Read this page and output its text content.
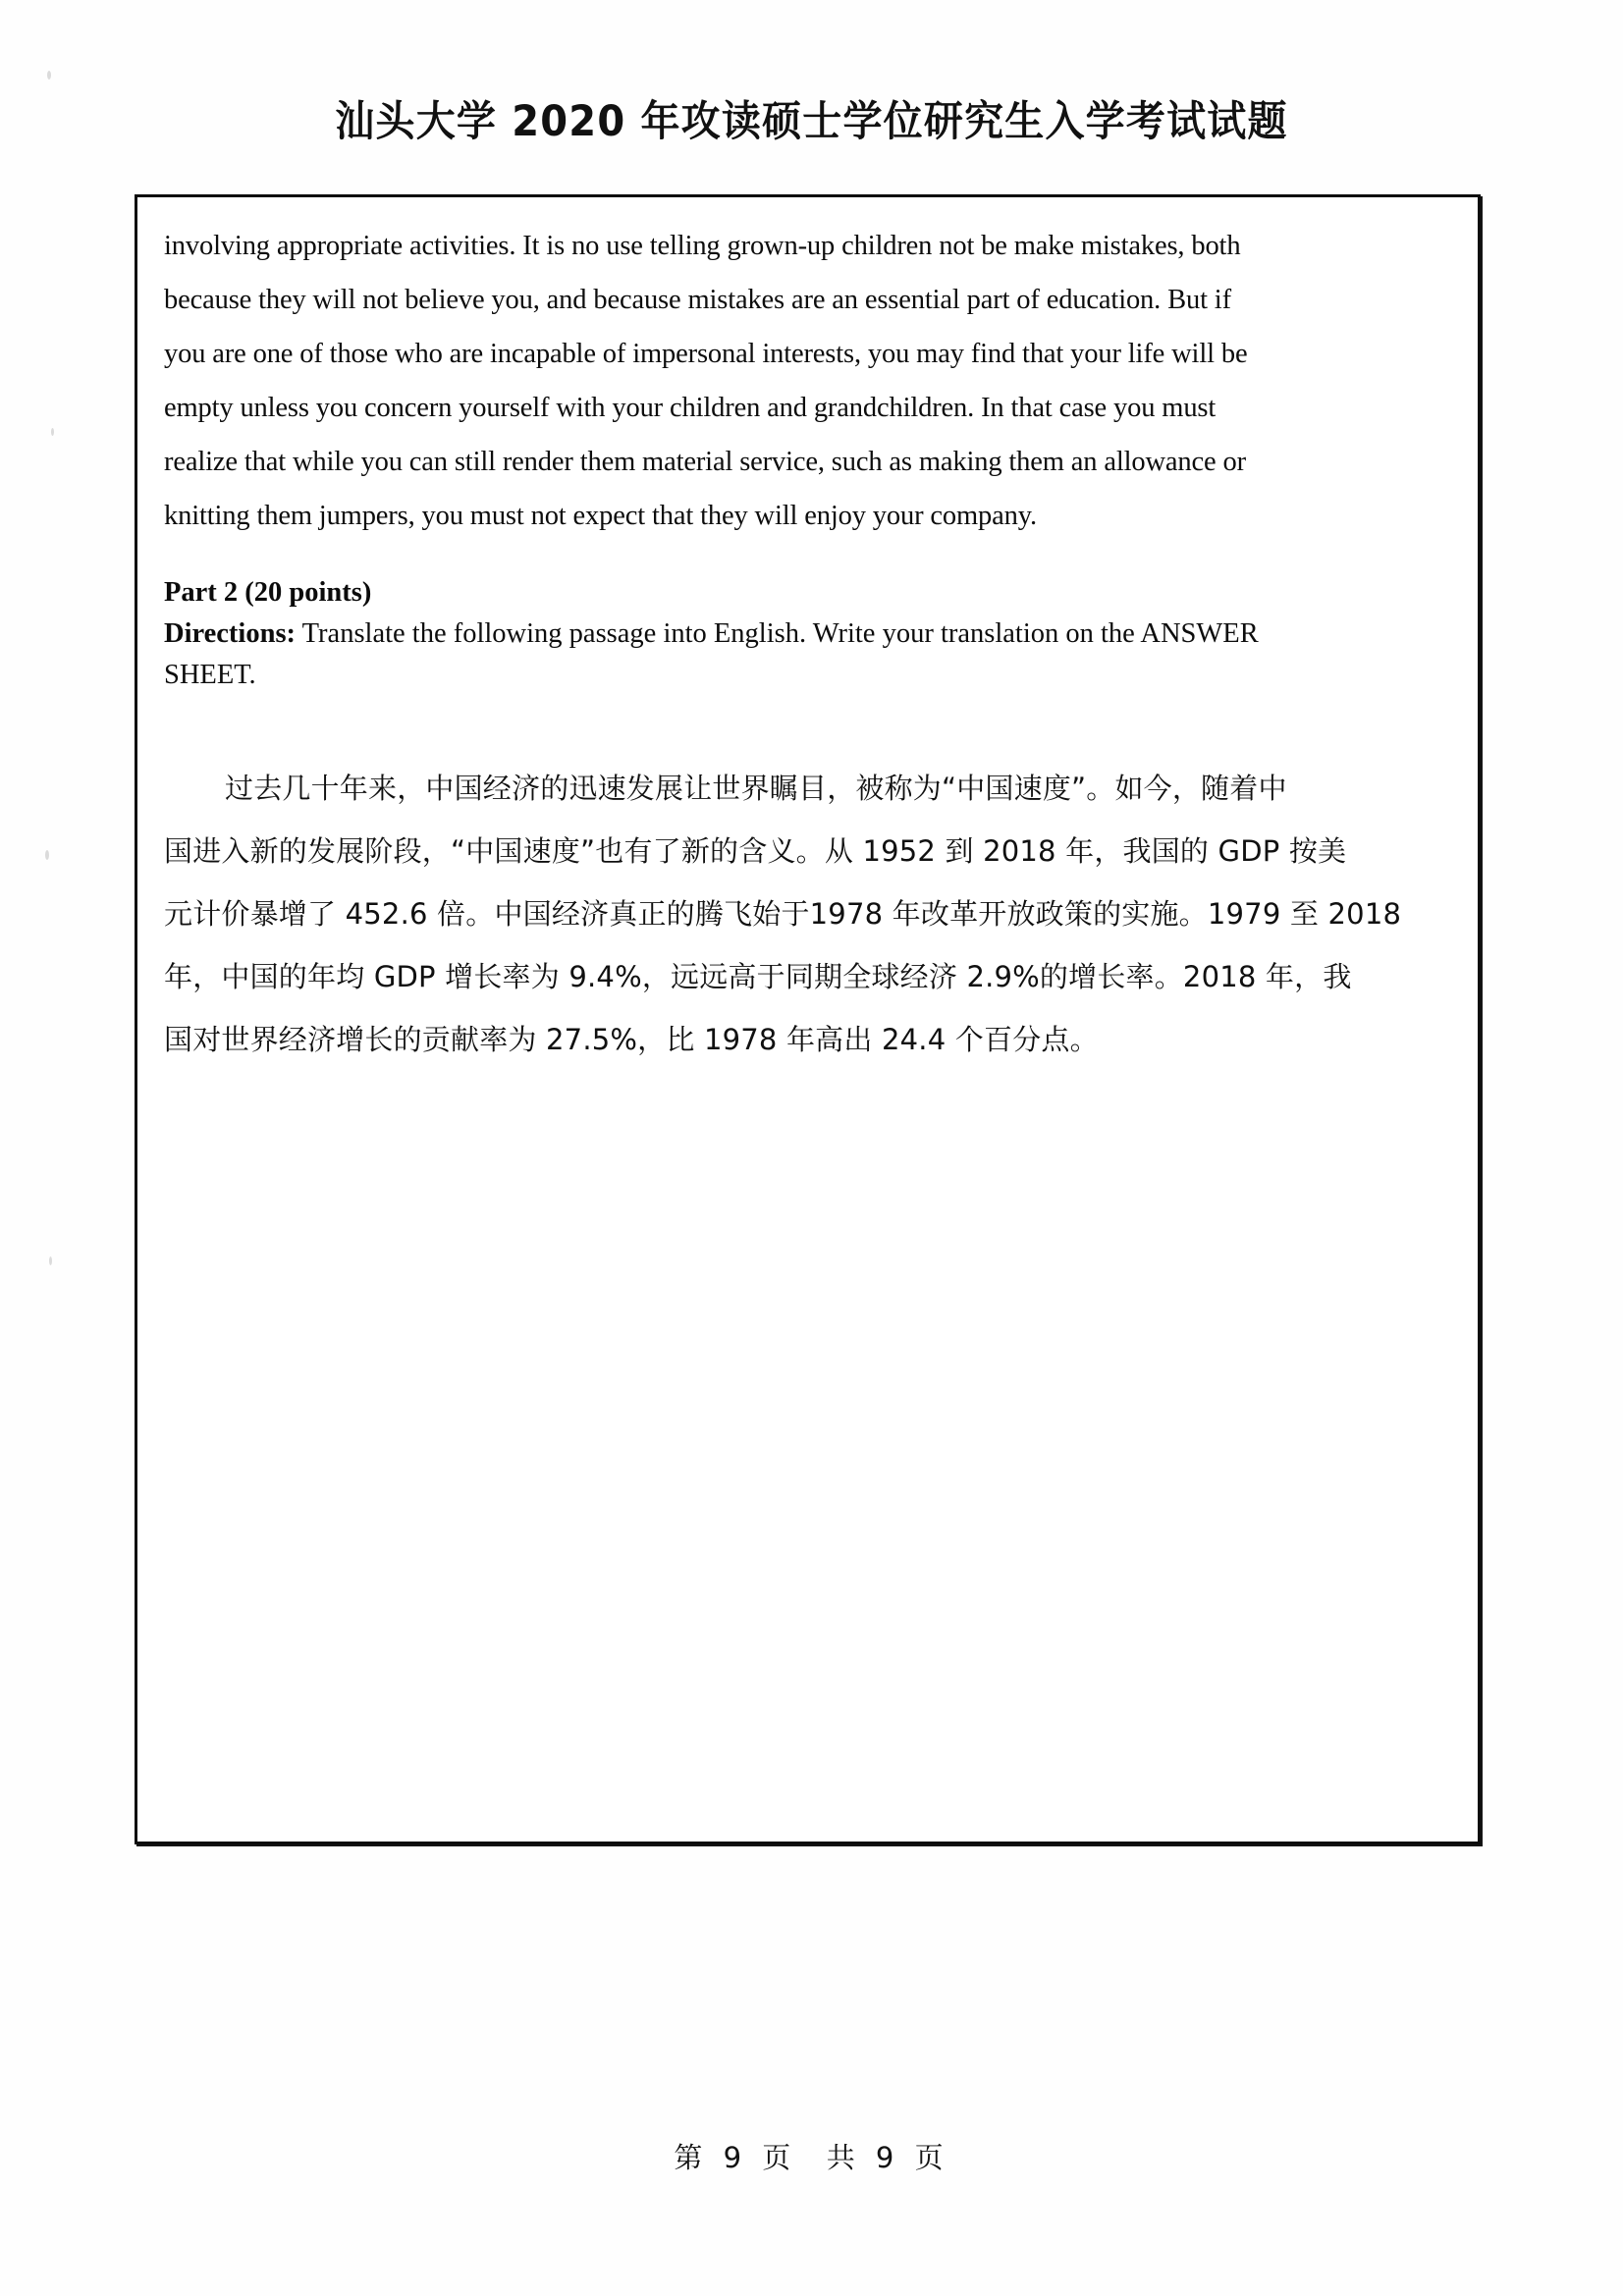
汕头大学 2020 年攻读硕士学位研究生入学考试试题
involving appropriate activities. It is no use telling grown-up children not be make mistakes, both
because they will not believe you, and because mistakes are an essential part of education. But if
you are one of those who are incapable of impersonal interests, you may find that your life will be
empty unless you concern yourself with your children and grandchildren. In that case you must
realize that while you can still render them material service, such as making them an allowance or
knitting them jumpers, you must not expect that they will enjoy your company.
Part 2 (20 points)
Directions: Translate the following passage into English. Write your translation on the ANSWER
SHEET.
过去几十年来，中国经济的迅速发展让世界瞩目，被称为“中国速度”。如今，随着中
国进入新的发展阶段，“中国速度”也有了新的含义。从 1952 到 2018 年，我国的 GDP 按美
元计价暴增了 452.6 倍。中国经济真正的腾飞始于1978 年改革开放政策的实施。1979 至 2018
年，中国的年均 GDP 增长率为 9.4%，远远高于同期全球经济 2.9%的增长率。2018 年，我
国对世界经济增长的贡献率为 27.5%，比 1978 年高出 24.4 个百分点。
第 9 页  共 9 页
